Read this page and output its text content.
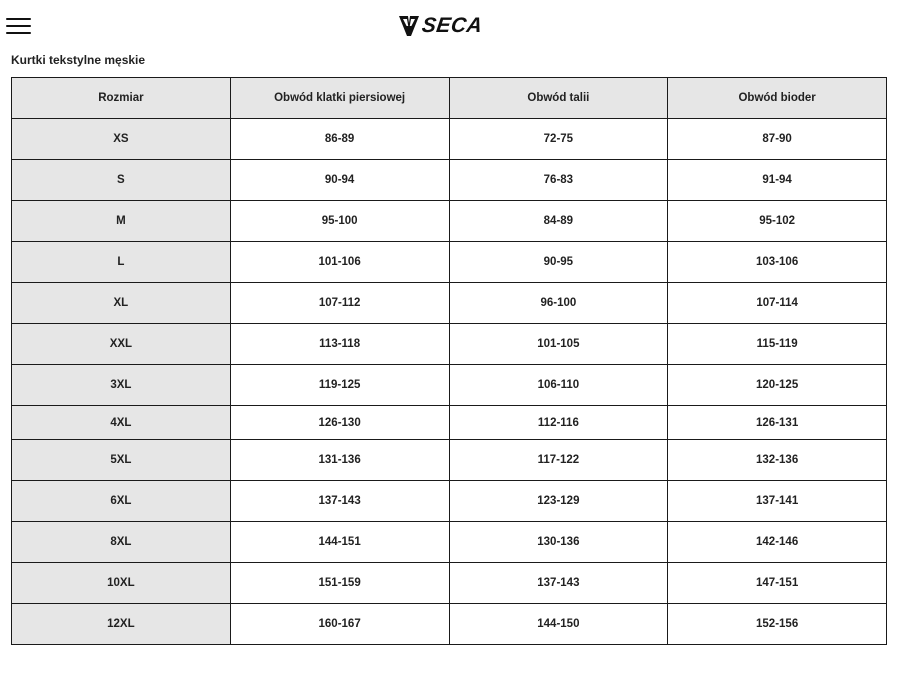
SECA
Kurtki tekstylne męskie
Rozmiar	Obwód klatki piersiowej	Obwód talii	Obwód bioder
XS	86-89	72-75	87-90
S	90-94	76-83	91-94
M	95-100	84-89	95-102
L	101-106	90-95	103-106
XL	107-112	96-100	107-114
XXL	113-118	101-105	115-119
3XL	119-125	106-110	120-125
4XL	126-130	112-116	126-131
5XL	131-136	117-122	132-136
6XL	137-143	123-129	137-141
8XL	144-151	130-136	142-146
10XL	151-159	137-143	147-151
12XL	160-167	144-150	152-156
